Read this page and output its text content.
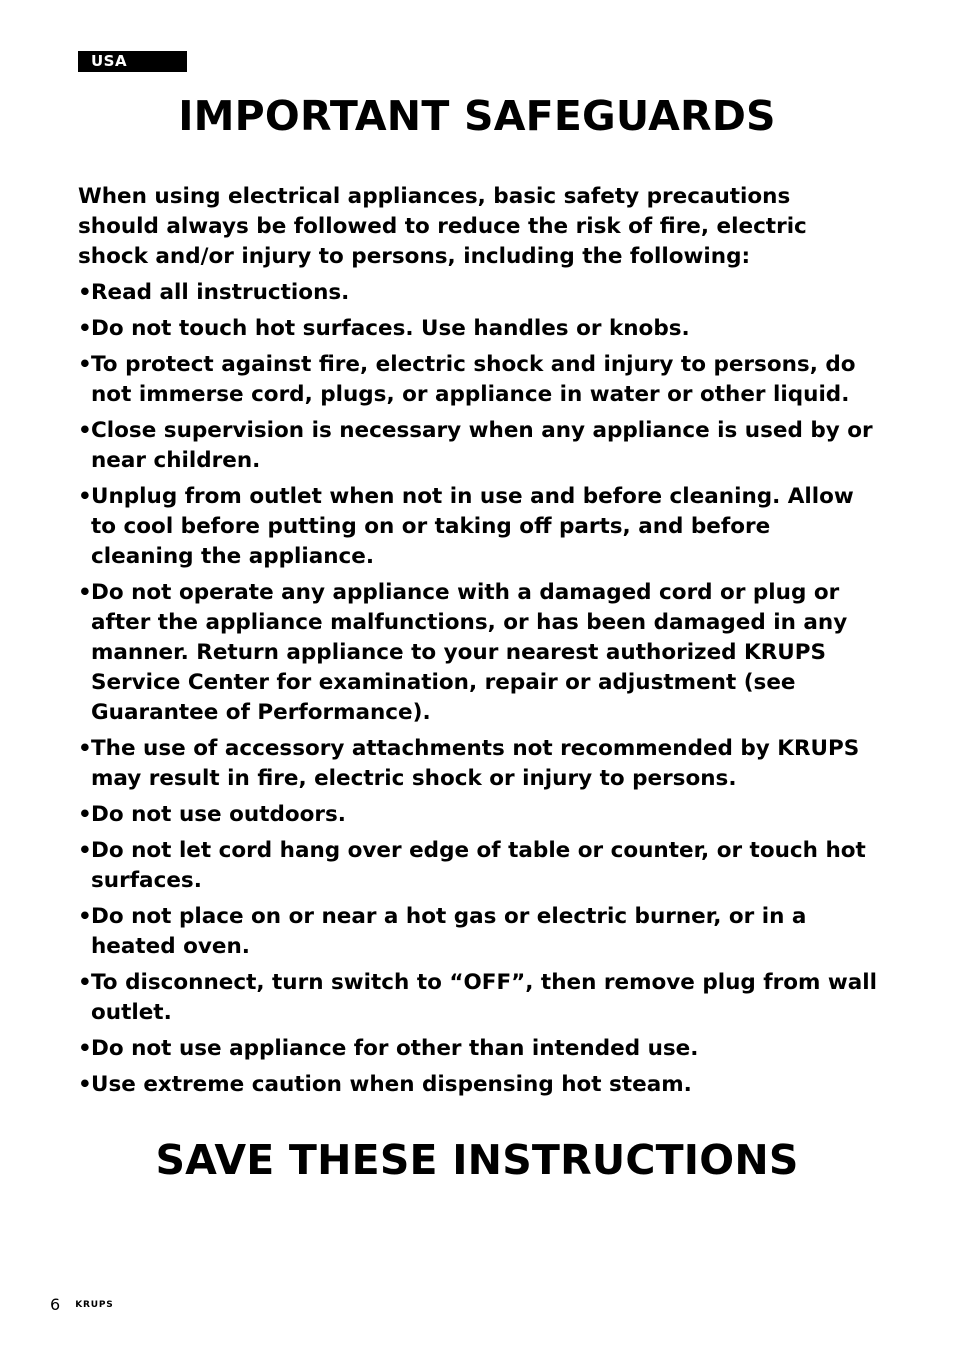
USA
IMPORTANT SAFEGUARDS

When using electrical appliances, basic safety precautions should always be followed to reduce the risk of fire, electric shock and/or injury to persons, including the following:

• Read all instructions.
• Do not touch hot surfaces. Use handles or knobs.
• To protect against fire, electric shock and injury to persons, do not immerse cord, plugs, or appliance in water or other liquid.
• Close supervision is necessary when any appliance is used by or near children.
• Unplug from outlet when not in use and before cleaning. Allow to cool before putting on or taking off parts, and before cleaning the appliance.
• Do not operate any appliance with a damaged cord or plug or after the appliance malfunctions, or has been damaged in any manner. Return appliance to your nearest authorized KRUPS Service Center for examination, repair or adjustment (see Guarantee of Performance).
• The use of accessory attachments not recommended by KRUPS may result in fire, electric shock or injury to persons.
• Do not use outdoors.
• Do not let cord hang over edge of table or counter, or touch hot surfaces.
• Do not place on or near a hot gas or electric burner, or in a heated oven.
• To disconnect, turn switch to “OFF”, then remove plug from wall outlet.
• Do not use appliance for other than intended use.
• Use extreme caution when dispensing hot steam.
SAVE THESE INSTRUCTIONS
6 KRUPS
